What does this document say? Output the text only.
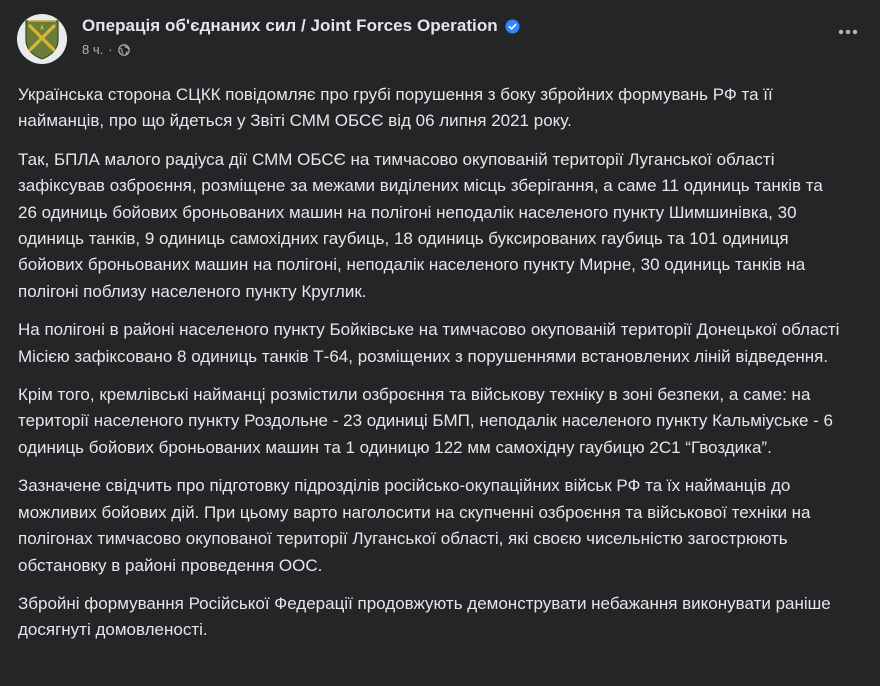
Операція об'єднаних сил / Joint Forces Operation
8 ч. ·

Українська сторона СЦКК повідомляє про грубі порушення з боку збройних формувань РФ та її найманців, про що йдеться у Звіті СММ ОБСЄ від 06 липня 2021 року.

Так, БПЛА малого радіуса дії СММ ОБСЄ на тимчасово окупованій території Луганської області зафіксував озброєння, розміщене за межами виділених місць зберігання, а саме 11 одиниць танків та 26 одиниць бойових броньованих машин на полігоні неподалік населеного пункту Шимшинівка, 30 одиниць танків, 9 одиниць самохідних гаубиць, 18 одиниць буксированих гаубиць та 101 одиниця бойових броньованих машин на полігоні, неподалік населеного пункту Мирне, 30 одиниць танків на полігоні поблизу населеного пункту Круглик.

На полігоні в районі населеного пункту Бойківське на тимчасово окупованій території Донецької області Місією зафіксовано 8 одиниць танків Т-64, розміщених з порушеннями встановлених ліній відведення.

Крім того, кремлівські найманці розмістили озброєння та військову техніку в зоні безпеки, а саме: на території населеного пункту Роздольне - 23 одиниці БМП, неподалік населеного пункту Кальміуське - 6 одиниць бойових броньованих машин та 1 одиницю 122 мм самохідну гаубицю 2С1 “Гвоздика”.

Зазначене свідчить про підготовку підрозділів російсько-окупаційних військ РФ та їх найманців до можливих бойових дій. При цьому варто наголосити на скупченні озброєння та військової техніки на полігонах тимчасово окупованої території Луганської області, які своєю чисельністю загострюють обстановку в районі проведення ООС.

Збройні формування Російської Федерації продовжують демонструвати небажання виконувати раніше досягнуті домовленості.
